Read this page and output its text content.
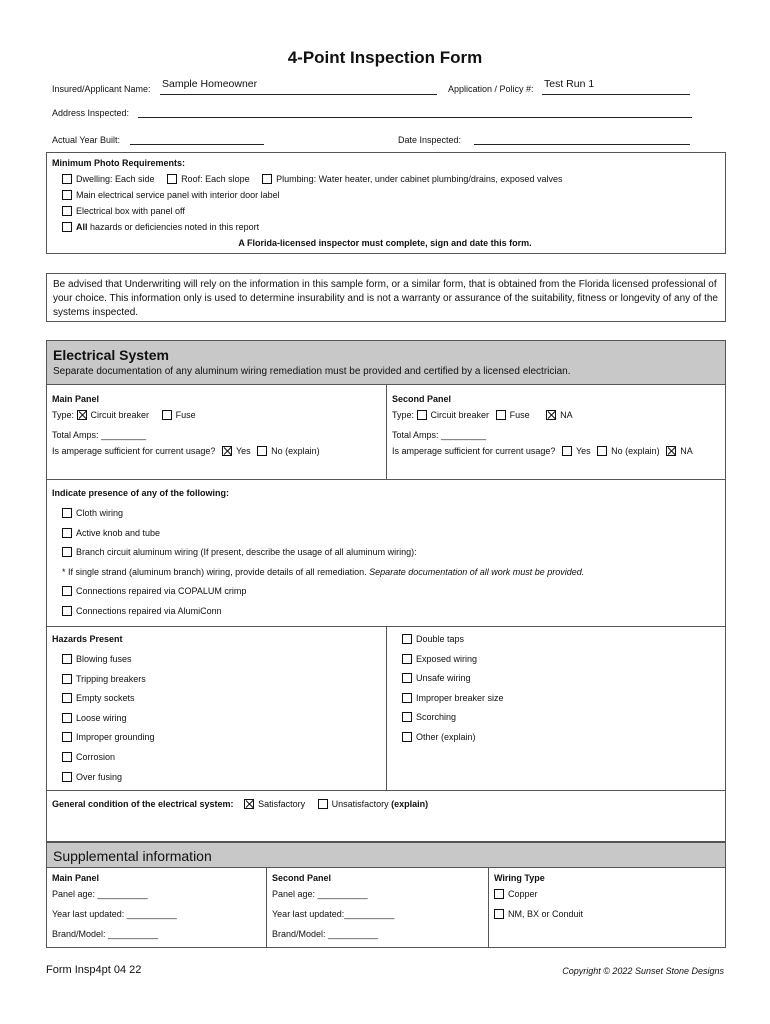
4-Point Inspection Form
Insured/Applicant Name: Sample Homeowner	Application / Policy #: Test Run 1
Address Inspected:
Actual Year Built:	Date Inspected:
Minimum Photo Requirements:
Dwelling: Each side	Roof: Each slope	Plumbing: Water heater, under cabinet plumbing/drains, exposed valves
Main electrical service panel with interior door label
Electrical box with panel off
All hazards or deficiencies noted in this report
A Florida-licensed inspector must complete, sign and date this form.
Be advised that Underwriting will rely on the information in this sample form, or a similar form, that is obtained from the Florida licensed professional of your choice. This information only is used to determine insurability and is not a warranty or assurance of the suitability, fitness or longevity of any of the systems inspected.
Electrical System
Separate documentation of any aluminum wiring remediation must be provided and certified by a licensed electrician.
Main Panel
Type: Circuit breaker	Fuse
Total Amps: _________
Is amperage sufficient for current usage? Yes No (explain)
Second Panel
Type: Circuit breaker Fuse	NA
Total Amps: _________
Is amperage sufficient for current usage? Yes No (explain) NA
Indicate presence of any of the following:
Cloth wiring
Active knob and tube
Branch circuit aluminum wiring (If present, describe the usage of all aluminum wiring):
* If single strand (aluminum branch) wiring, provide details of all remediation. Separate documentation of all work must be provided.
Connections repaired via COPALUM crimp
Connections repaired via AlumiConn
Hazards Present
Blowing fuses
Tripping breakers
Empty sockets
Loose wiring
Improper grounding
Corrosion
Over fusing
Double taps
Exposed wiring
Unsafe wiring
Improper breaker size
Scorching
Other (explain)
General condition of the electrical system:	Satisfactory	Unsatisfactory (explain)
Supplemental information
Main Panel
Panel age: __________
Year last updated: __________
Brand/Model: __________
Second Panel
Panel age: __________
Year last updated:__________
Brand/Model: __________
Wiring Type
Copper
NM, BX or Conduit
Form Insp4pt 04 22	Copyright © 2022 Sunset Stone Designs
